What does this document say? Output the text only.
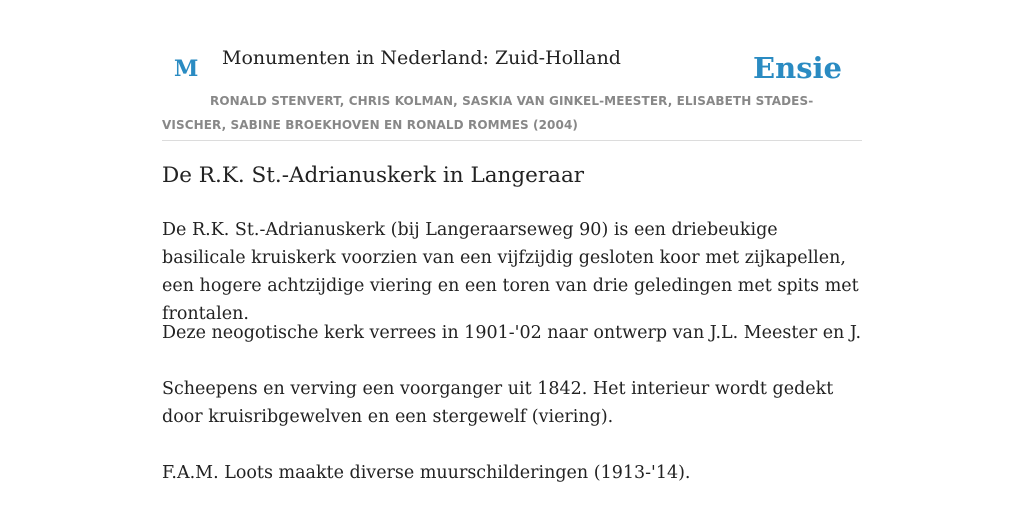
M Monumenten in Nederland: Zuid-Holland	Ensie
RONALD STENVERT, CHRIS KOLMAN, SASKIA VAN GINKEL-MEESTER, ELISABETH STADES-VISCHER, SABINE BROEKHOVEN EN RONALD ROMMES (2004)
De R.K. St.-Adrianuskerk in Langeraar

De R.K. St.-Adrianuskerk (bij Langeraarseweg 90) is een driebeukige basilicale kruiskerk voorzien van een vijfzijdig gesloten koor met zijkapellen, een hogere achtzijdige viering en een toren van drie geledingen met spits met frontalen.

Deze neogotische kerk verrees in 1901-'02 naar ontwerp van J.L. Meester en J.

Scheepens en verving een voorganger uit 1842. Het interieur wordt gedekt door kruisribgewelven en een stergewelf (viering).

F.A.M. Loots maakte diverse muurschilderingen (1913-'14).
